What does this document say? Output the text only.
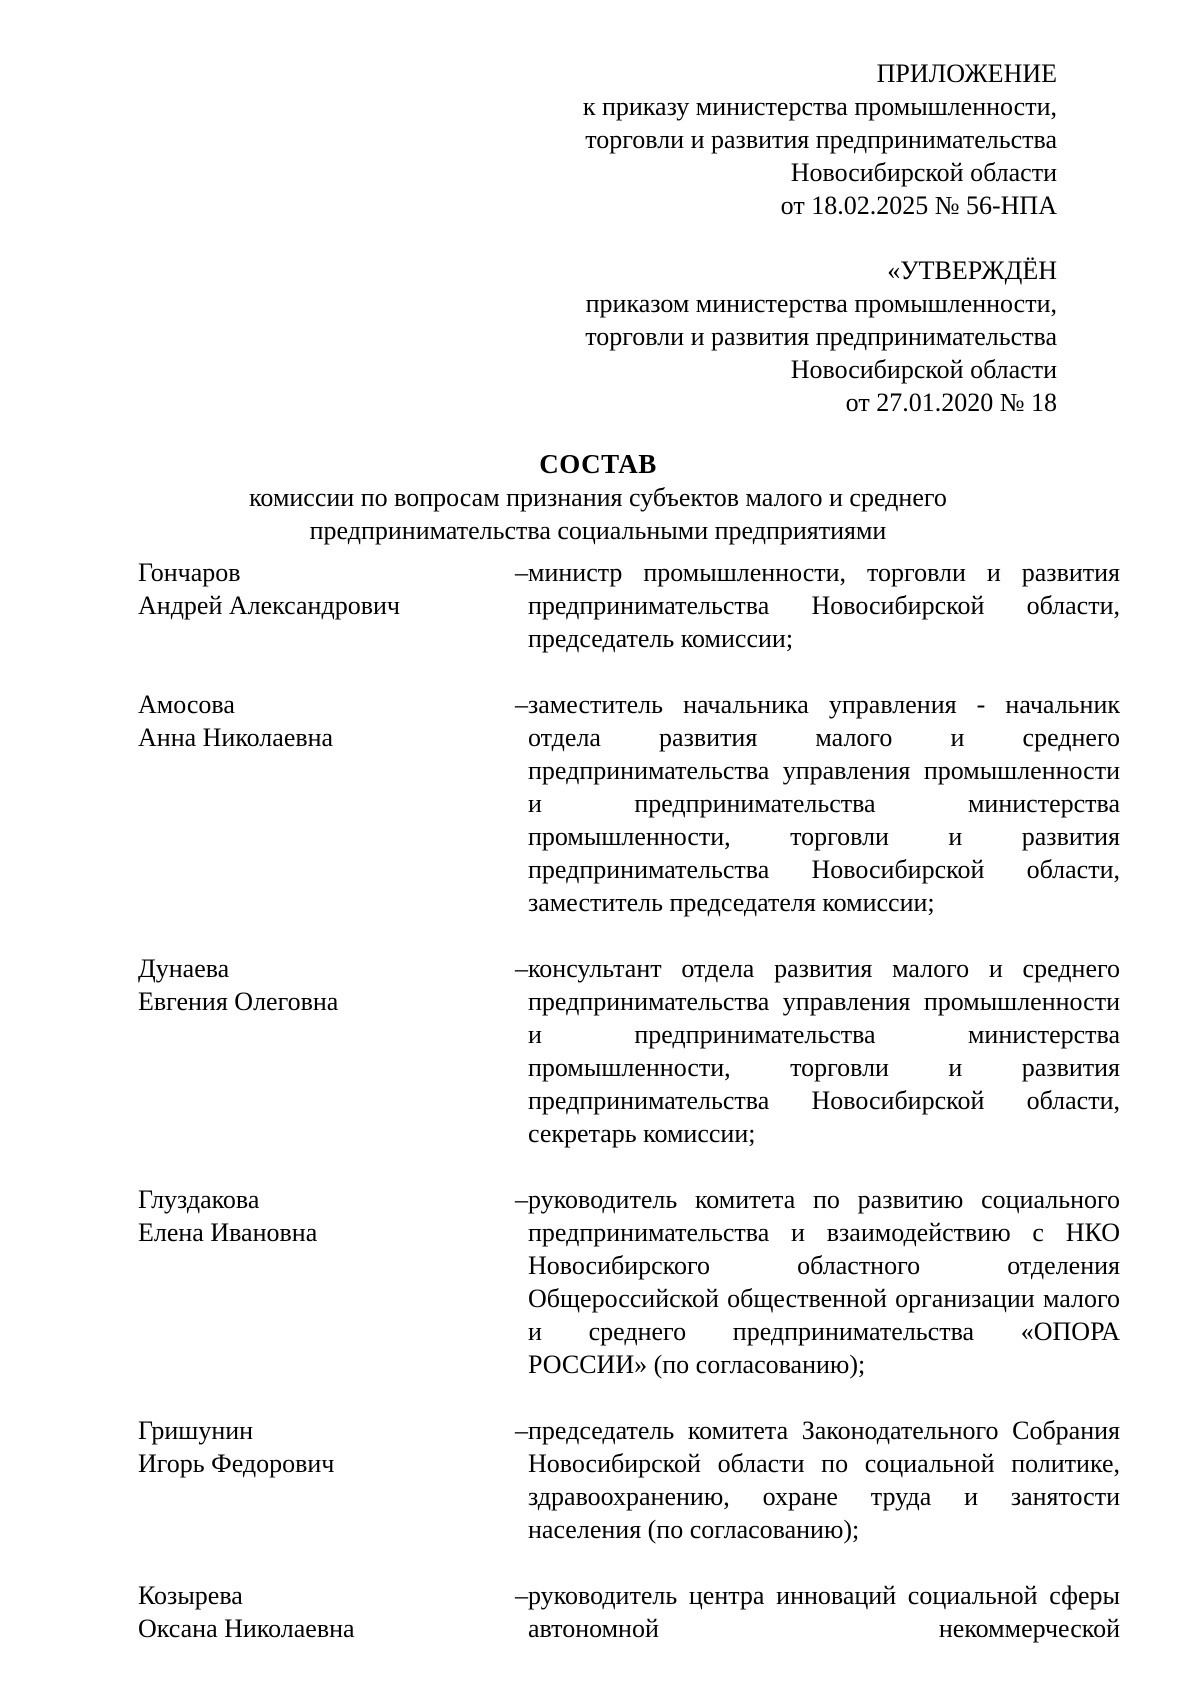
ПРИЛОЖЕНИЕ
к приказу министерства промышленности,
торговли и развития предпринимательства
Новосибирской области
от 18.02.2025 № 56-НПА
«УТВЕРЖДЁН
приказом министерства промышленности,
торговли и развития предпринимательства
Новосибирской области
от 27.01.2020 № 18

СОСТАВ

комиссии по вопросам признания субъектов малого и среднего

предпринимательства социальными предприятиями

Гончаров
Андрей Александрович
– министр промышленности, торговли и развития предпринимательства Новосибирской области, председатель комиссии;
Амосова
Анна Николаевна
– заместитель начальника управления - начальник отдела развития малого и среднего предпринимательства управления промышленности и предпринимательства министерства промышленности, торговли и развития предпринимательства Новосибирской области, заместитель председателя комиссии;
Дунаева
Евгения Олеговна
– консультант отдела развития малого и среднего предпринимательства управления промышленности и предпринимательства министерства промышленности, торговли и развития предпринимательства Новосибирской области, секретарь комиссии;
Глуздакова
Елена Ивановна
– руководитель комитета по развитию социального предпринимательства и взаимодействию с НКО Новосибирского областного отделения Общероссийской общественной организации малого и среднего предпринимательства «ОПОРА РОССИИ» (по согласованию);
Гришунин
Игорь Федорович
– председатель комитета Законодательного Собрания Новосибирской области по социальной политике, здравоохранению, охране труда и занятости населения (по согласованию);
Козырева
Оксана Николаевна
– руководитель центра инноваций социальной сферы автономной некоммерческой
